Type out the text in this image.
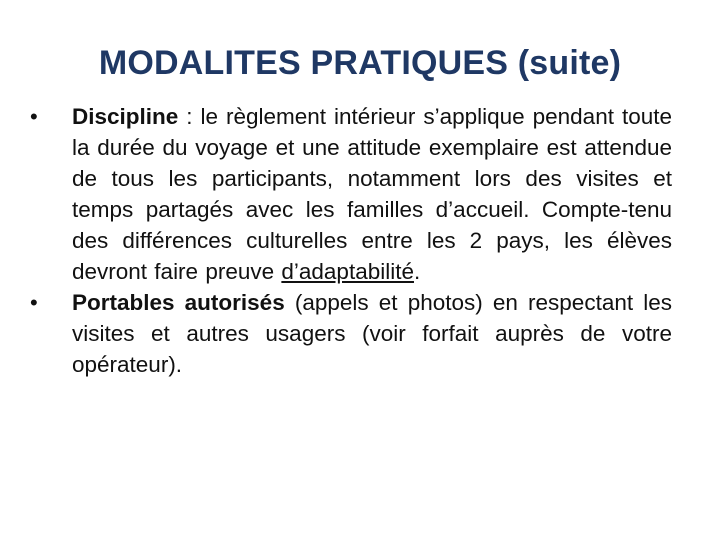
MODALITES PRATIQUES (suite)
•	Discipline : le règlement intérieur s’applique pendant toute la durée du voyage et une attitude exemplaire est attendue de tous les participants, notamment lors des visites et temps partagés avec les familles d’accueil. Compte-tenu des différences culturelles entre les 2 pays, les élèves devront faire preuve d’adaptabilité.
•	Portables autorisés (appels et photos) en respectant les visites et autres usagers (voir forfait auprès de votre opérateur).
